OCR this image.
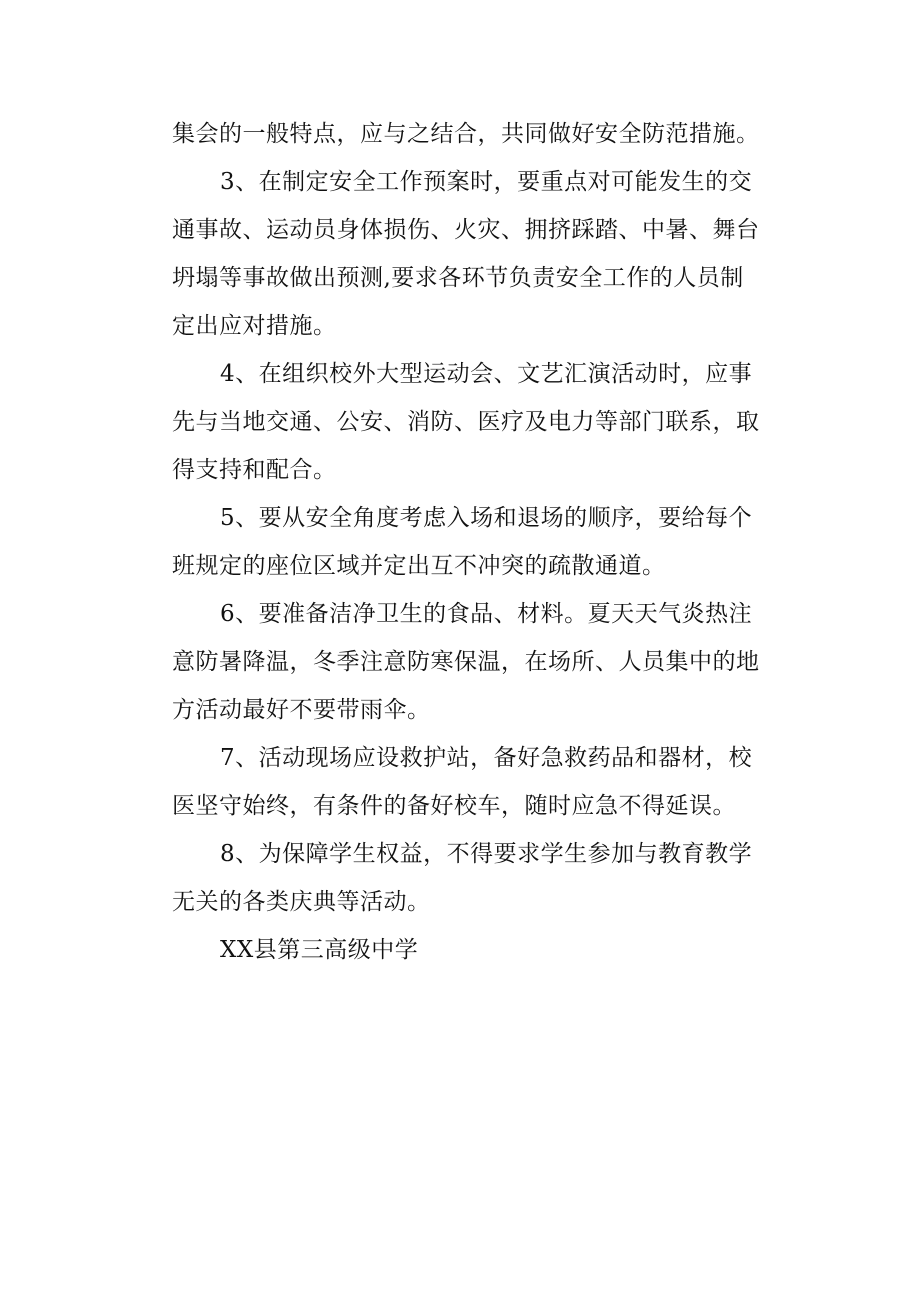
集会的一般特点，应与之结合，共同做好安全防范措施。

3、在制定安全工作预案时，要重点对可能发生的交通事故、运动员身体损伤、火灾、拥挤踩踏、中暑、舞台坍塌等事故做出预测,要求各环节负责安全工作的人员制定出应对措施。

4、在组织校外大型运动会、文艺汇演活动时，应事先与当地交通、公安、消防、医疗及电力等部门联系，取得支持和配合。

5、要从安全角度考虑入场和退场的顺序，要给每个班规定的座位区域并定出互不冲突的疏散通道。

6、要准备洁净卫生的食品、材料。夏天天气炎热注意防暑降温，冬季注意防寒保温，在场所、人员集中的地方活动最好不要带雨伞。

7、活动现场应设救护站，备好急救药品和器材，校医坚守始终，有条件的备好校车，随时应急不得延误。

8、为保障学生权益，不得要求学生参加与教育教学无关的各类庆典等活动。

XX县第三高级中学
